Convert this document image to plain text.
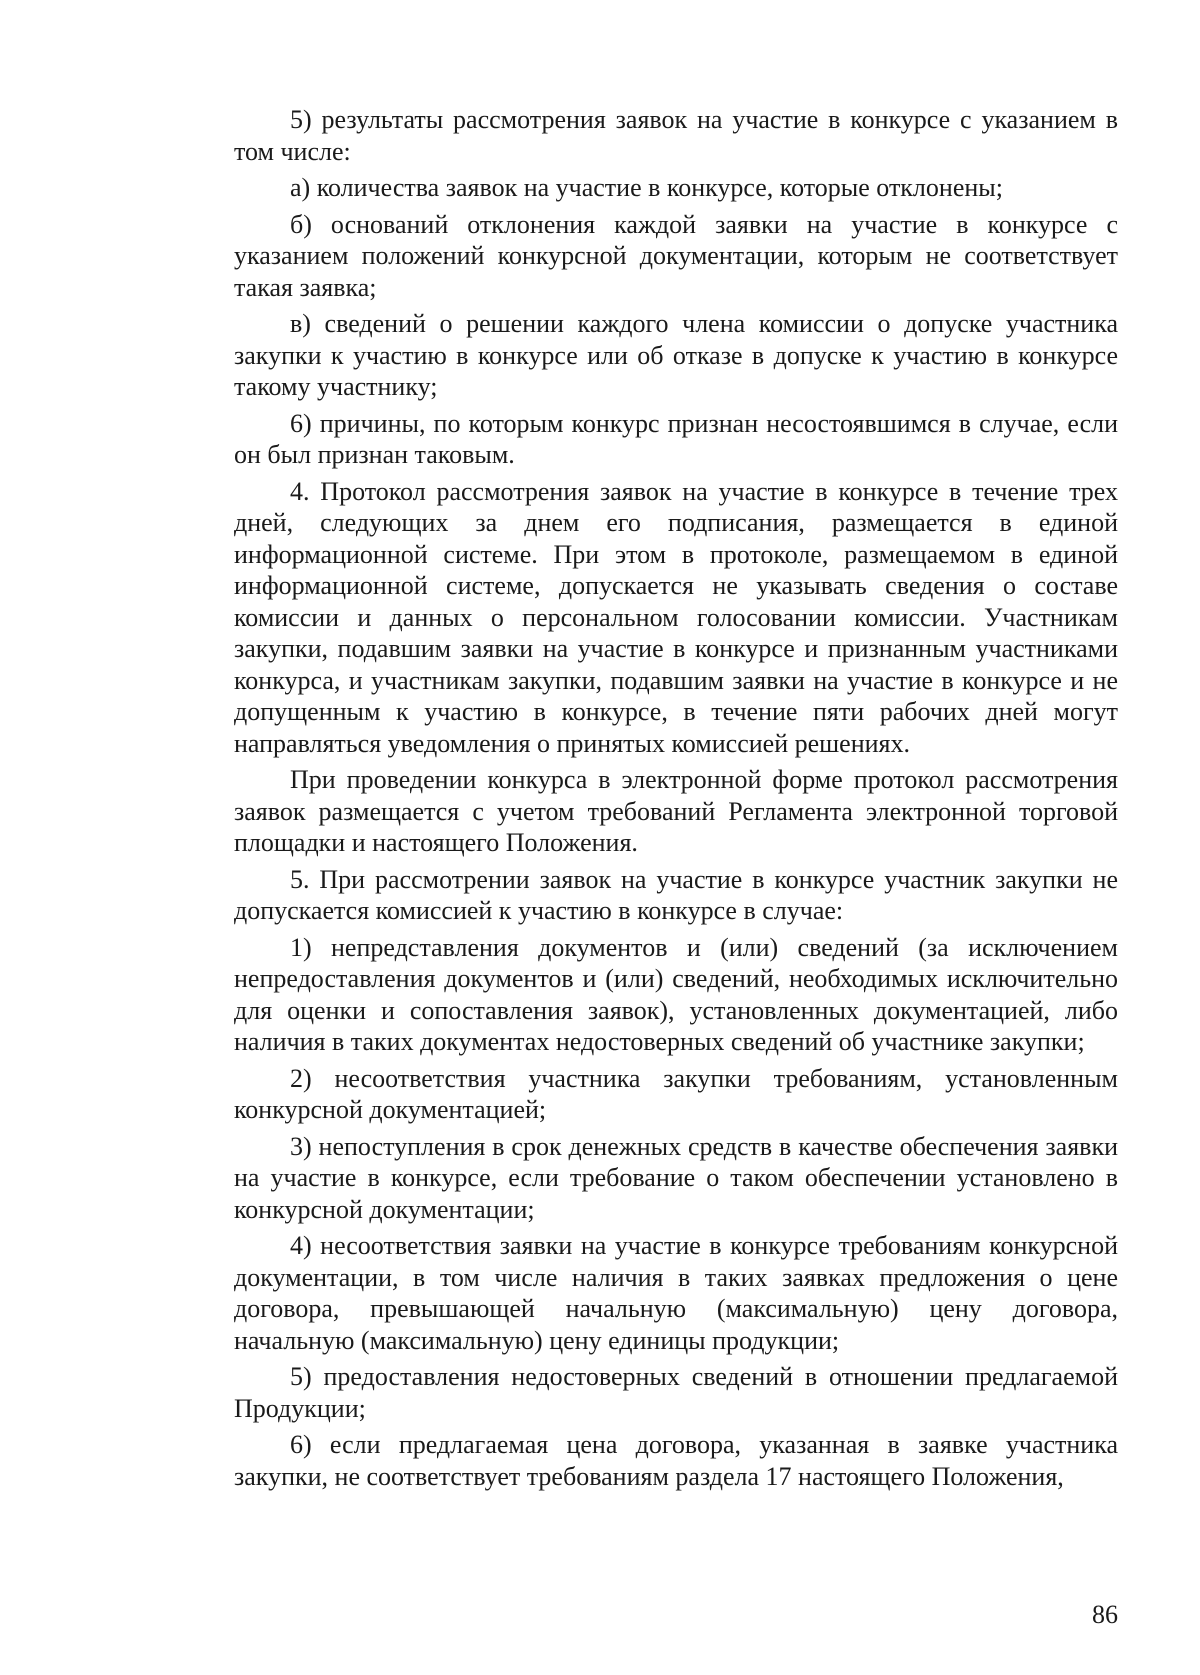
5) результаты рассмотрения заявок на участие в конкурсе с указанием в том числе:

а) количества заявок на участие в конкурсе, которые отклонены;

б) оснований отклонения каждой заявки на участие в конкурсе с указанием положений конкурсной документации, которым не соответствует такая заявка;

в) сведений о решении каждого члена комиссии о допуске участника закупки к участию в конкурсе или об отказе в допуске к участию в конкурсе такому участнику;

6) причины, по которым конкурс признан несостоявшимся в случае, если он был признан таковым.

4. Протокол рассмотрения заявок на участие в конкурсе в течение трех дней, следующих за днем его подписания, размещается в единой информационной системе. При этом в протоколе, размещаемом в единой информационной системе, допускается не указывать сведения о составе комиссии и данных о персональном голосовании комиссии. Участникам закупки, подавшим заявки на участие в конкурсе и признанным участниками конкурса, и участникам закупки, подавшим заявки на участие в конкурсе и не допущенным к участию в конкурсе, в течение пяти рабочих дней могут направляться уведомления о принятых комиссией решениях.

При проведении конкурса в электронной форме протокол рассмотрения заявок размещается с учетом требований Регламента электронной торговой площадки и настоящего Положения.

5. При рассмотрении заявок на участие в конкурсе участник закупки не допускается комиссией к участию в конкурсе в случае:

1) непредставления документов и (или) сведений (за исключением непредоставления документов и (или) сведений, необходимых исключительно для оценки и сопоставления заявок), установленных документацией, либо наличия в таких документах недостоверных сведений об участнике закупки;

2) несоответствия участника закупки требованиям, установленным конкурсной документацией;

3) непоступления в срок денежных средств в качестве обеспечения заявки на участие в конкурсе, если требование о таком обеспечении установлено в конкурсной документации;

4) несоответствия заявки на участие в конкурсе требованиям конкурсной документации, в том числе наличия в таких заявках предложения о цене договора, превышающей начальную (максимальную) цену договора, начальную (максимальную) цену единицы продукции;

5) предоставления недостоверных сведений в отношении предлагаемой Продукции;

6) если предлагаемая цена договора, указанная в заявке участника закупки, не соответствует требованиям раздела 17 настоящего Положения,

86
